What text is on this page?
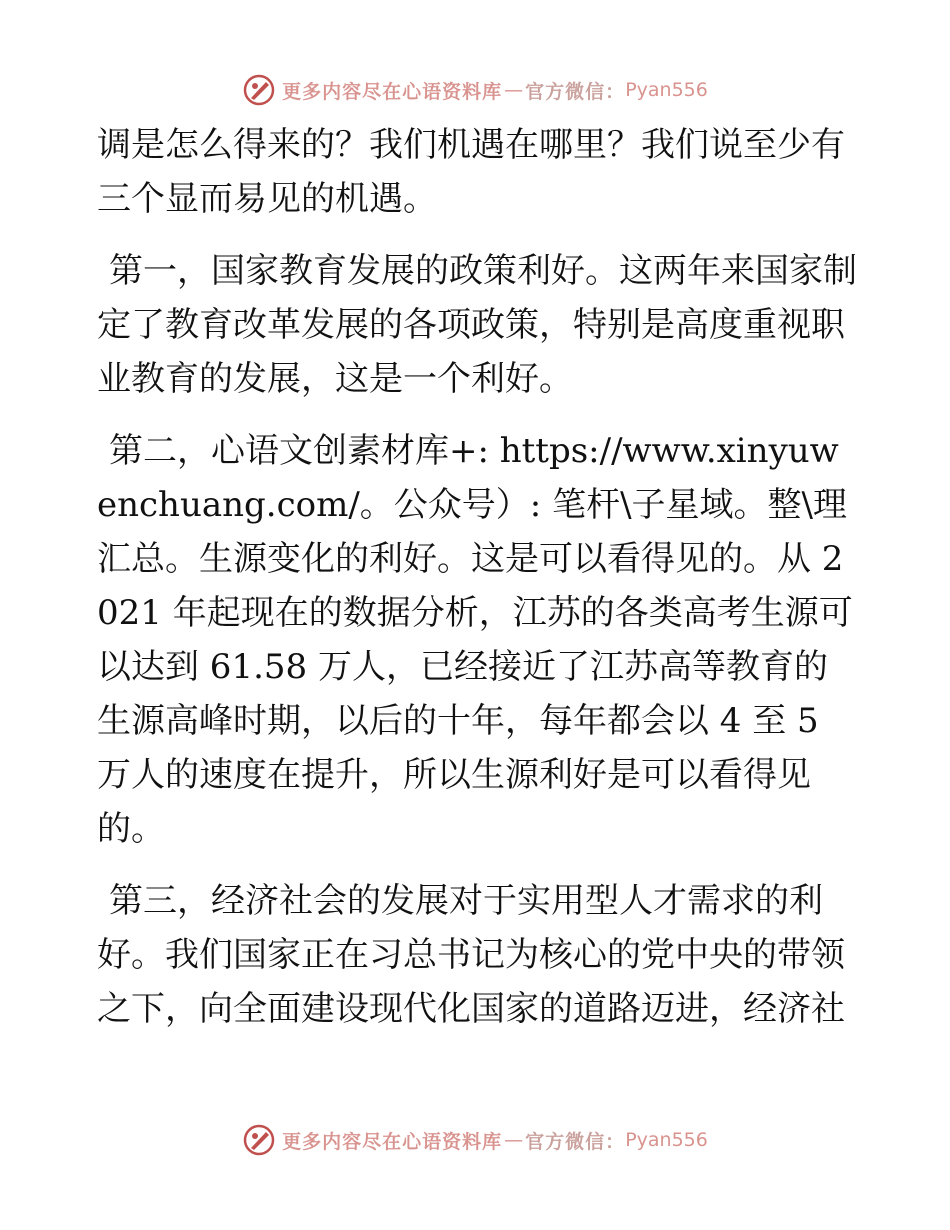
更多内容尽在心语资料库 — 官方微信： Pyan556

调是怎么得来的？我们机遇在哪里？我们说至少有三个显而易见的机遇。

第一，国家教育发展的政策利好。这两年来国家制定了教育改革发展的各项政策，特别是高度重视职业教育的发展，这是一个利好。

第二，心语文创素材库+: https://www.xinyuwenchuang.com/。公众号）: 笔杆\子星域。整\理汇总。生源变化的利好。这是可以看得见的。从 2021 年起现在的数据分析，江苏的各类高考生源可以达到 61.58 万人，已经接近了江苏高等教育的生源高峰时期，以后的十年，每年都会以 4 至 5 万人的速度在提升，所以生源利好是可以看得见的。

第三，经济社会的发展对于实用型人才需求的利好。我们国家正在习总书记为核心的党中央的带领之下，向全面建设现代化国家的道路迈进，经济社

更多内容尽在心语资料库 — 官方微信： Pyan556
